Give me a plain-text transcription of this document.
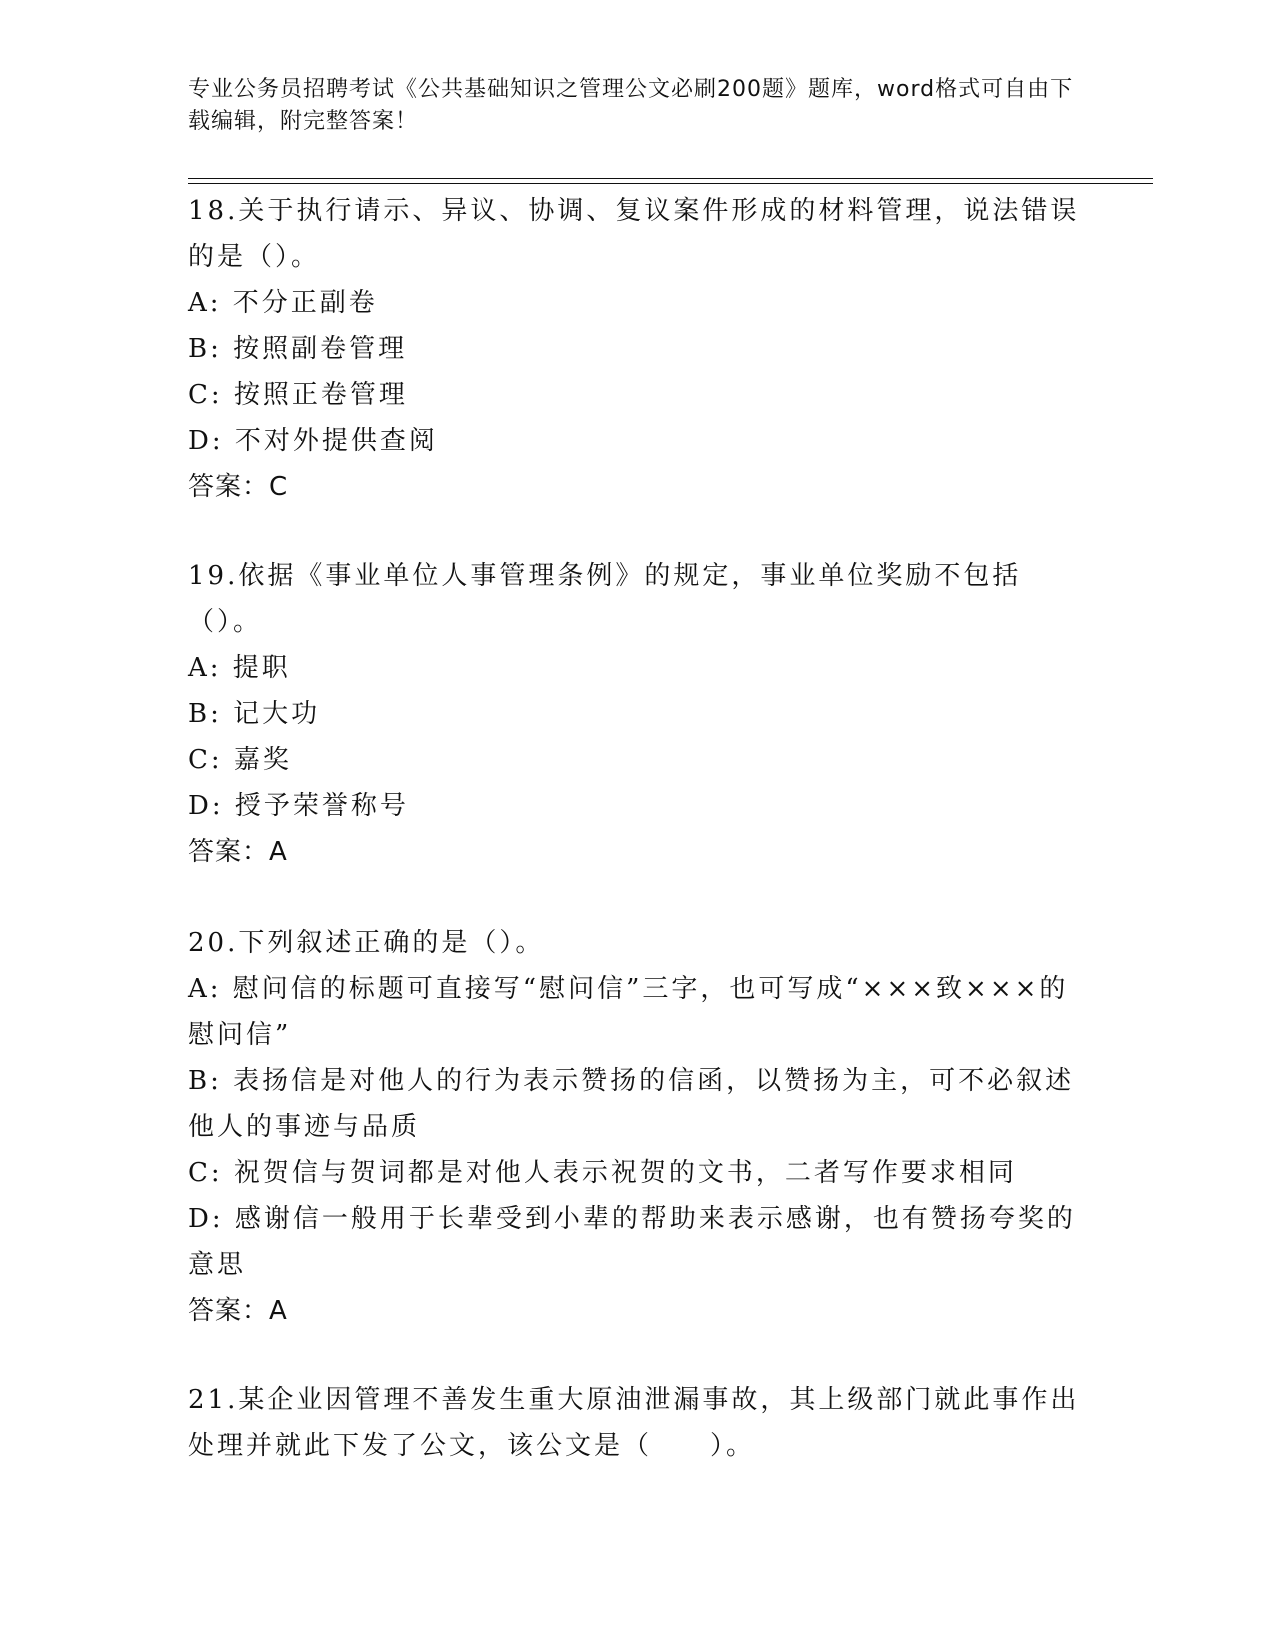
专业公务员招聘考试《公共基础知识之管理公文必刷200题》题库，word格式可自由下载编辑，附完整答案！

18.关于执行请示、异议、协调、复议案件形成的材料管理，说法错误的是（）。

A: 不分正副卷

B: 按照副卷管理

C: 按照正卷管理

D: 不对外提供查阅

答案：C

19.依据《事业单位人事管理条例》的规定，事业单位奖励不包括（）。

A: 提职

B: 记大功

C: 嘉奖

D: 授予荣誉称号

答案：A

20.下列叙述正确的是（）。

A: 慰问信的标题可直接写“慰问信”三字，也可写成“×××致×××的慰问信”

B: 表扬信是对他人的行为表示赞扬的信函，以赞扬为主，可不必叙述他人的事迹与品质

C: 祝贺信与贺词都是对他人表示祝贺的文书，二者写作要求相同

D: 感谢信一般用于长辈受到小辈的帮助来表示感谢，也有赞扬夸奖的意思

答案：A

21.某企业因管理不善发生重大原油泄漏事故，其上级部门就此事作出处理并就此下发了公文，该公文是（　　）。
